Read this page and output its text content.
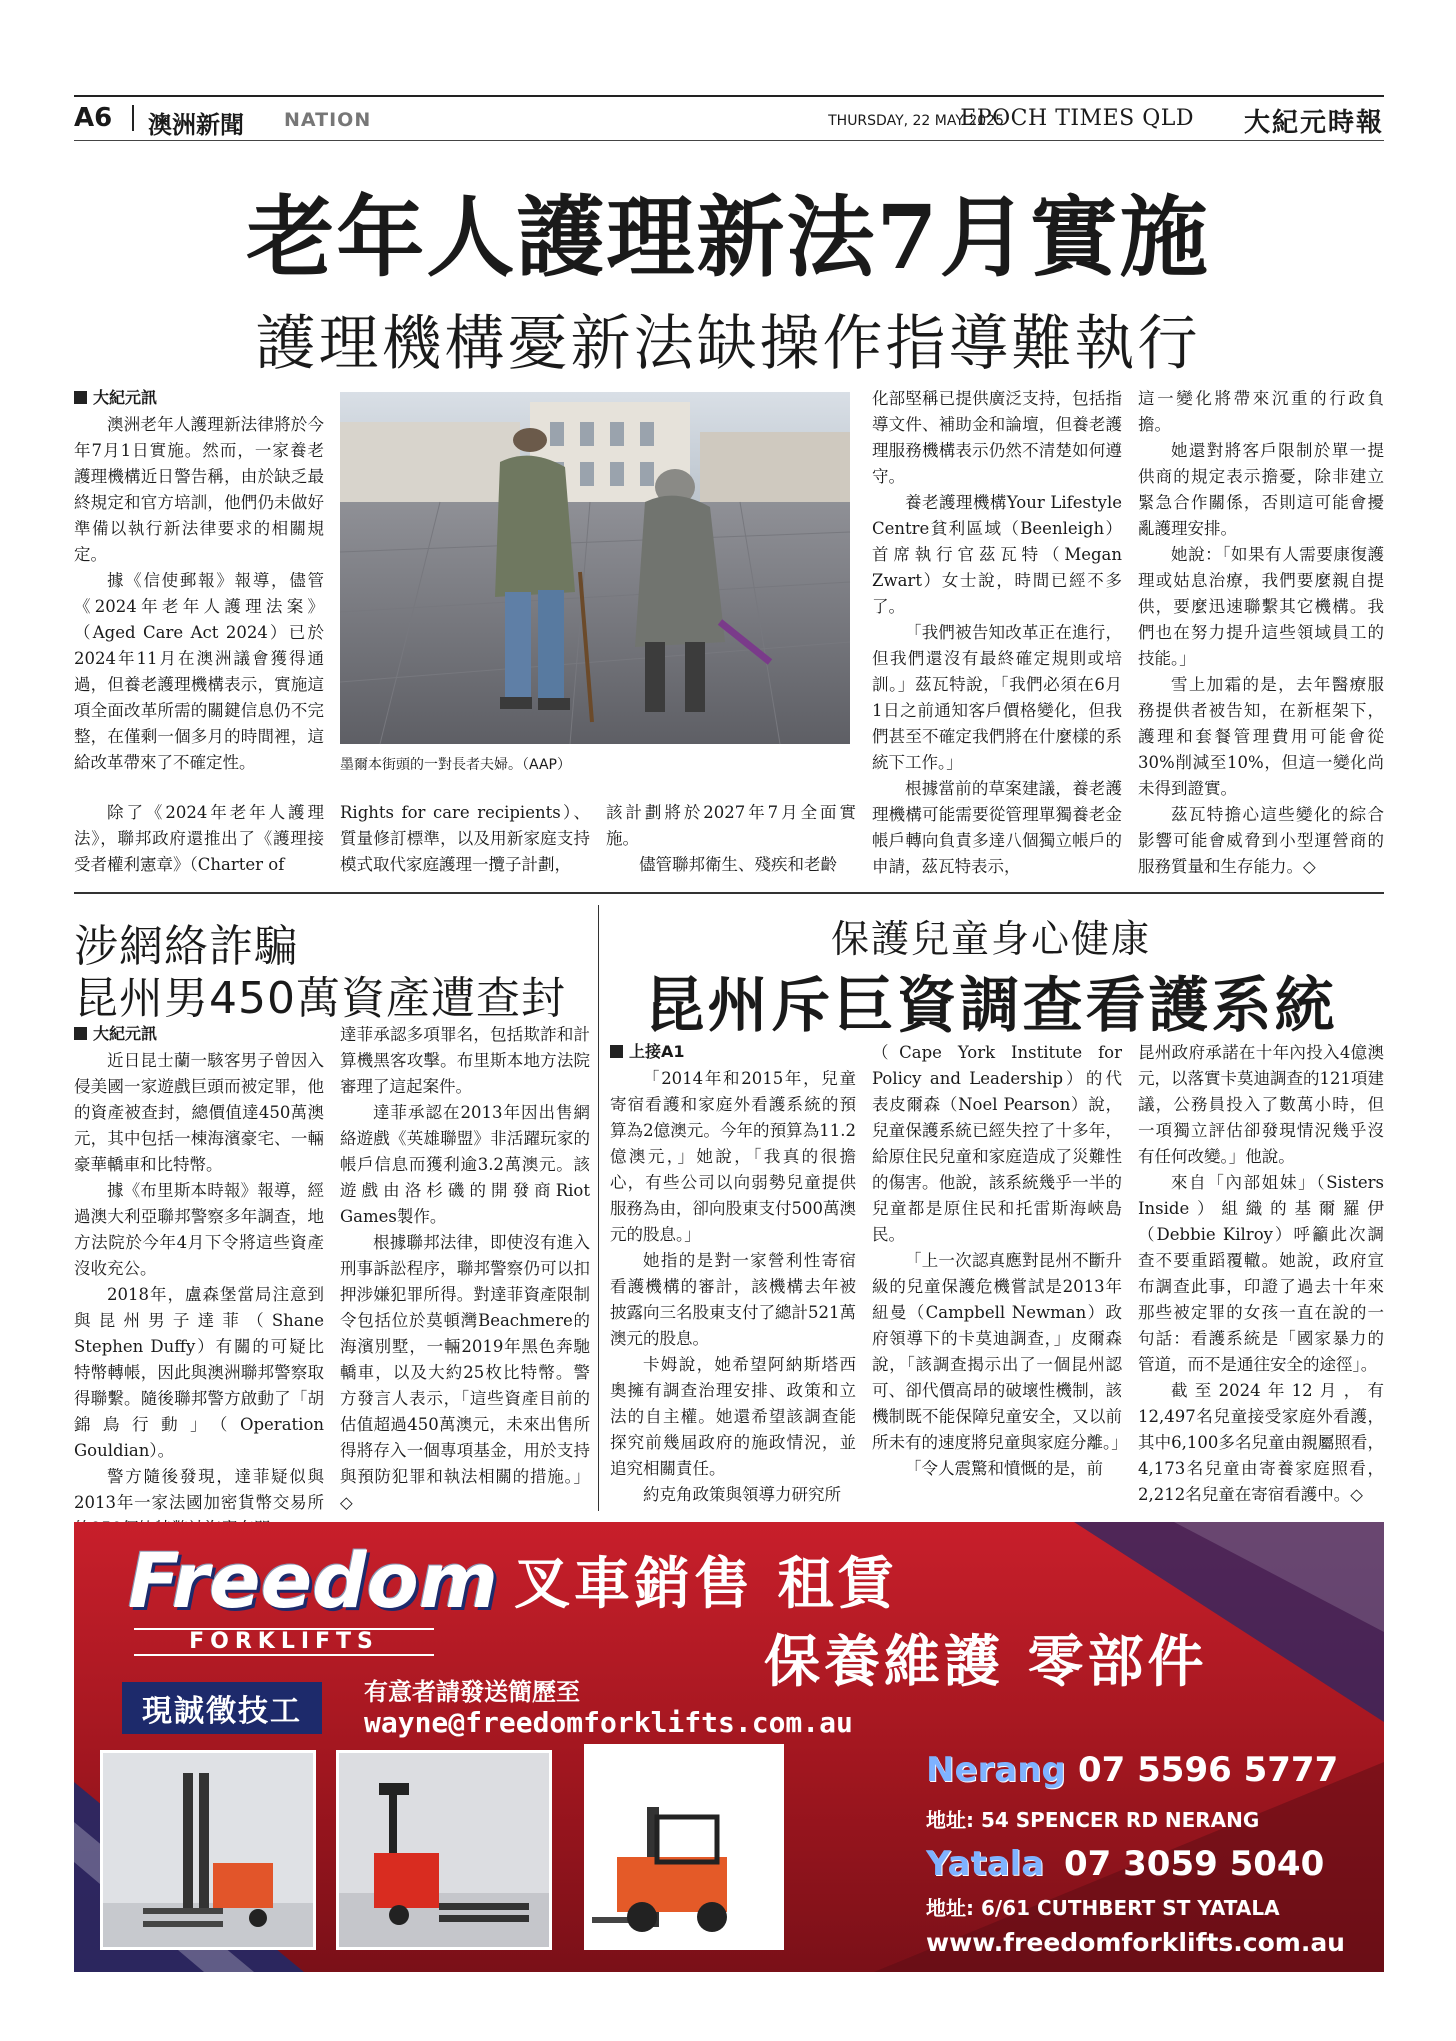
A6 澳洲新聞 NATION	THURSDAY, 22 MAY 2025
EPOCH TIMES QLD 大紀元時報
老年人護理新法7月實施
護理機構憂新法缺操作指導難執行
大紀元訊

澳洲老年人護理新法律將於今年7月1日實施。然而，一家養老護理機構近日警告稱，由於缺乏最終規定和官方培訓，他們仍未做好準備以執行新法律要求的相關規定。

據《信使郵報》報導，儘管《2024年老年人護理法案》（Aged Care Act 2024）已於2024年11月在澳洲議會獲得通過，但養老護理機構表示，實施這項全面改革所需的關鍵信息仍不完整，在僅剩一個多月的時間裡，這給改革帶來了不確定性。

除了《2024年老年人護理法》，聯邦政府還推出了《護理接受者權利憲章》（Charter of

墨爾本街頭的一對長者夫婦。（AAP）

Rights for care recipients）、質量修訂標準，以及用新家庭支持模式取代家庭護理一攬子計劃，

該計劃將於2027年7月全面實施。

儘管聯邦衛生、殘疾和老齡

化部堅稱已提供廣泛支持，包括指導文件、補助金和論壇，但養老護理服務機構表示仍然不清楚如何遵守。

養老護理機構Your Lifestyle Centre貧利區域（Beenleigh）首席執行官茲瓦特（Megan Zwart）女士說，時間已經不多了。

「我們被告知改革正在進行，但我們還沒有最終確定規則或培訓。」茲瓦特說，「我們必須在6月1日之前通知客戶價格變化，但我們甚至不確定我們將在什麼樣的系統下工作。」

根據當前的草案建議，養老護理機構可能需要從管理單獨養老金帳戶轉向負責多達八個獨立帳戶的申請，茲瓦特表示，

這一變化將帶來沉重的行政負擔。

她還對將客戶限制於單一提供商的規定表示擔憂，除非建立緊急合作關係，否則這可能會擾亂護理安排。

她說：「如果有人需要康復護理或姑息治療，我們要麼親自提供，要麼迅速聯繫其它機構。我們也在努力提升這些領域員工的技能。」

雪上加霜的是，去年醫療服務提供者被告知，在新框架下，護理和套餐管理費用可能會從30%削減至10%，但這一變化尚未得到證實。

茲瓦特擔心這些變化的綜合影響可能會威脅到小型運營商的服務質量和生存能力。◇

涉網絡詐騙
昆州男450萬資產遭查封
大紀元訊

近日昆士蘭一駭客男子曾因入侵美國一家遊戲巨頭而被定罪，他的資產被查封，總價值達450萬澳元，其中包括一棟海濱豪宅、一輛豪華轎車和比特幣。

據《布里斯本時報》報導，經過澳大利亞聯邦警察多年調查，地方法院於今年4月下令將這些資產沒收充公。

2018年，盧森堡當局注意到與昆州男子達菲（Shane Stephen Duffy）有關的可疑比特幣轉帳，因此與澳洲聯邦警察取得聯繫。隨後聯邦警方啟動了「胡錦鳥行動」（Operation Gouldian）。

警方隨後發現，達菲疑似與2013年一家法國加密貨幣交易所

達菲承認多項罪名，包括欺詐和計算機黑客攻擊。布里斯本地方法院審理了這起案件。

達菲承認在2013年因出售網絡遊戲《英雄聯盟》非活躍玩家的帳戶信息而獲利逾3.2萬澳元。該遊戲由洛杉磯的開發商Riot Games製作。

根據聯邦法律，即使沒有進入刑事訴訟程序，聯邦警察仍可以扣押涉嫌犯罪所得。對達菲資產限制令包括位於莫頓灣Beachmere的海濱別墅，一輛2019年黑色奔馳轎車，以及大約25枚比特幣。警方發言人表示，「這些資產目前的估值超過450萬澳元，未來出售所得將存入一個專項基金，用於支持與預防犯罪和執法相關的措施。」◇

保護兒童身心健康
昆州斥巨資調查看護系統
上接A1

「2014年和2015年，兒童寄宿看護和家庭外看護系統的預算為2億澳元。今年的預算為11.2億澳元，」她說，「我真的很擔心，有些公司以向弱勢兒童提供服務為由，卻向股東支付500萬澳元的股息。」

她指的是對一家營利性寄宿看護機構的審計，該機構去年被披露向三名股東支付了總計521萬澳元的股息。

卡姆說，她希望阿納斯塔西奧擁有調查治理安排、政策和立法的自主權。她還希望該調查能探究前幾屆政府的施政情況，並追究相關責任。

約克角政策與領導力研究所

（Cape York Institute for Policy and Leadership）的代表皮爾森（Noel Pearson）說，兒童保護系統已經失控了十多年，給原住民兒童和家庭造成了災難性的傷害。他說，該系統幾乎一半的兒童都是原住民和托雷斯海峽島民。

「上一次認真應對昆州不斷升級的兒童保護危機嘗試是2013年紐曼（Campbell Newman）政府領導下的卡莫迪調查，」皮爾森說，「該調查揭示出了一個昆州認可、卻代價高昂的破壞性機制，該機制既不能保障兒童安全，又以前所未有的速度將兒童與家庭分離。」

「令人震驚和憤慨的是，前

昆州政府承諾在十年內投入4億澳元，以落實卡莫迪調查的121項建議，公務員投入了數萬小時，但一項獨立評估卻發現情況幾乎沒有任何改變。」他說。

來自「內部姐妹」（Sisters Inside）組織的基爾羅伊（Debbie Kilroy）呼籲此次調查不要重蹈覆轍。她說，政府宣布調查此事，印證了過去十年來那些被定罪的女孩一直在說的一句話：看護系統是「國家暴力的管道，而不是通往安全的途徑」。

截至2024年12月，有12,497名兒童接受家庭外看護，其中6,100多名兒童由親屬照看，4,173名兒童由寄養家庭照看，2,212名兒童在寄宿看護中。◇

Freedom
FORKLIFTS
叉車銷售 租賃
保養維護 零部件
現誠徵技工
有意者請發送簡歷至
wayne@freedomforklifts.com.au
Nerang 07 5596 5777
地址: 54 SPENCER RD NERANG
Yatala 07 3059 5040
地址: 6/61 CUTHBERT ST YATALA
www.freedomforklifts.com.au
